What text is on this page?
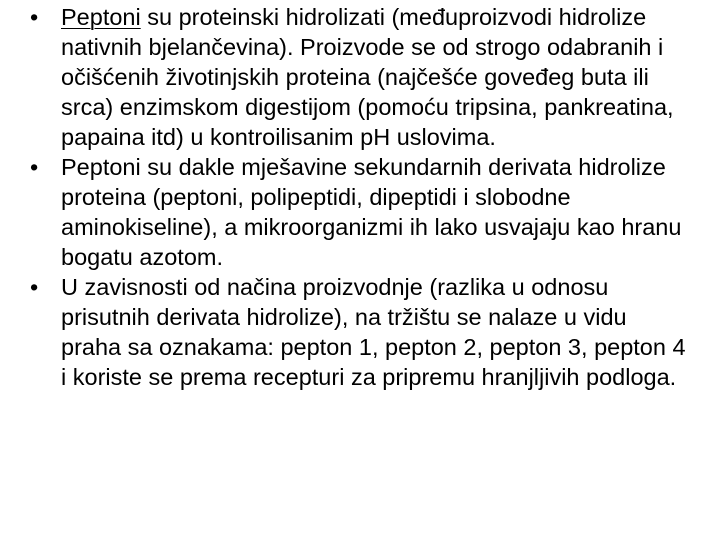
• Peptoni su proteinski hidrolizati (međuproizvodi hidrolize nativnih bjelančevina). Proizvode se od strogo odabranih i očišćenih životinjskih proteina (najčešće goveđeg buta ili srca) enzimskom digestijom (pomoću tripsina, pankreatina, papaina itd) u kontroilisanim pH uslovima.
• Peptoni su dakle mješavine sekundarnih derivata hidrolize proteina (peptoni, polipeptidi, dipeptidi i slobodne aminokiseline), a mikroorganizmi ih lako usvajaju kao hranu bogatu azotom.
• U zavisnosti od načina proizvodnje (razlika u odnosu prisutnih derivata hidrolize), na tržištu se nalaze u vidu praha sa oznakama: pepton 1, pepton 2, pepton 3, pepton 4 i koriste se prema recepturi za pripremu hranjljivih podloga.
